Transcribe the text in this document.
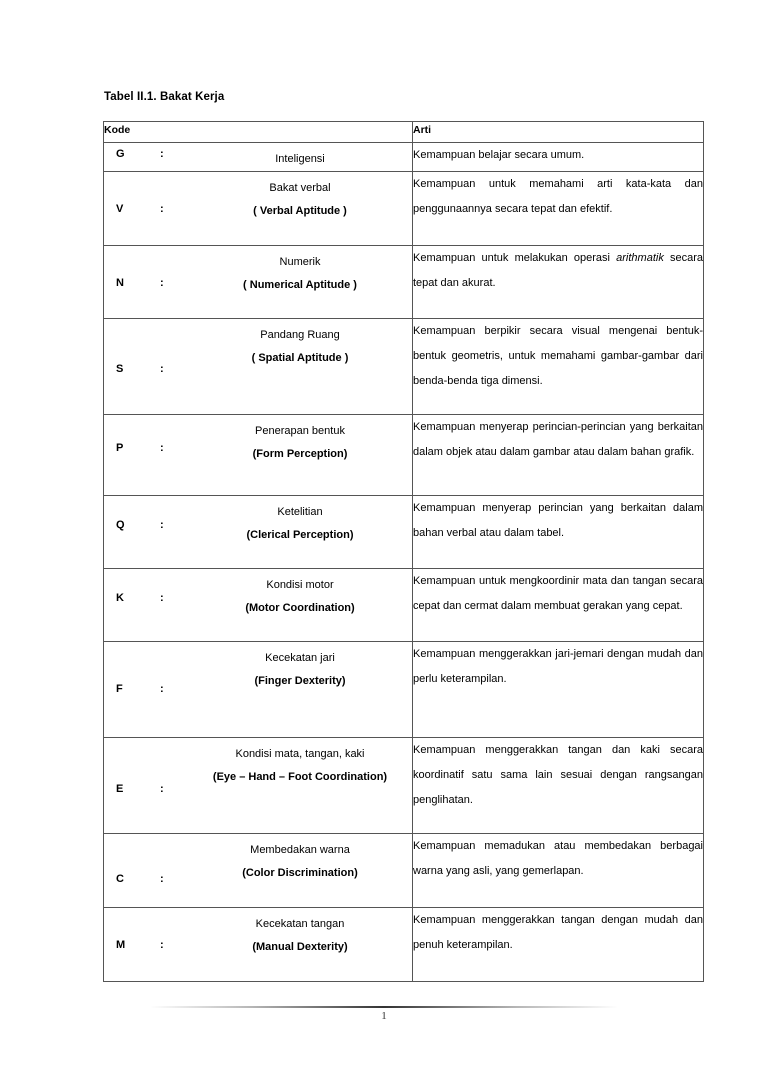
Tabel II.1. Bakat Kerja
Kode	Arti

G : Inteligensi	Kemampuan belajar secara umum.

V :
Bakat verbal
( Verbal Aptitude )	Kemampuan untuk memahami arti kata-kata dan penggunaannya secara tepat dan efektif.

N :
Numerik
( Numerical Aptitude )	Kemampuan untuk melakukan operasi arithmatik secara tepat dan akurat.

S :
Pandang Ruang
( Spatial Aptitude )	Kemampuan berpikir secara visual mengenai bentuk-bentuk geometris, untuk memahami gambar-gambar dari benda-benda tiga dimensi.

P :
Penerapan bentuk
(Form Perception)	Kemampuan menyerap perincian-perincian yang berkaitan dalam objek atau dalam gambar atau dalam bahan grafik.

Q :
Ketelitian
(Clerical Perception)	Kemampuan menyerap perincian yang berkaitan dalam bahan verbal atau dalam tabel.

K :
Kondisi motor
(Motor Coordination)	Kemampuan untuk mengkoordinir mata dan tangan secara cepat dan cermat dalam membuat gerakan yang cepat.

F :
Kecekatan jari
(Finger Dexterity)	Kemampuan menggerakkan jari-jemari dengan mudah dan perlu keterampilan.

E :
Kondisi mata, tangan, kaki
(Eye – Hand – Foot Coordination)	Kemampuan menggerakkan tangan dan kaki secara koordinatif satu sama lain sesuai dengan rangsangan penglihatan.

C :
Membedakan warna
(Color Discrimination)	Kemampuan memadukan atau membedakan berbagai warna yang asli, yang gemerlapan.

M :
Kecekatan tangan
(Manual Dexterity)	Kemampuan menggerakkan tangan dengan mudah dan penuh keterampilan.
1
